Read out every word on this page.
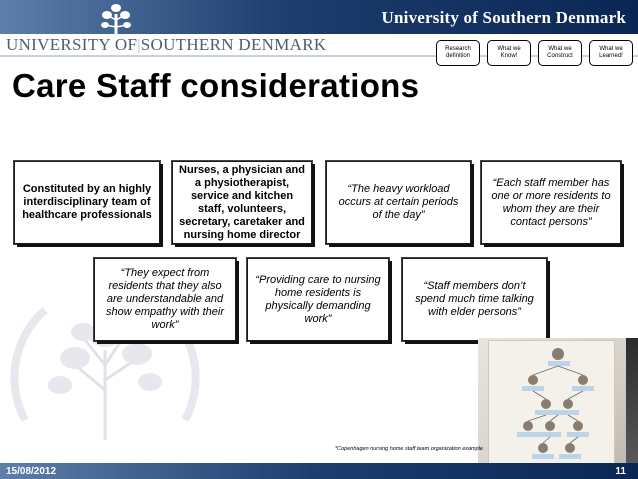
University of Southern Denmark
UNIVERSITY OF|SOUTHERN DENMARK	Research definition
What we Know!
What we Construct
What we Learned!
Care Staff considerations
Constituted by an highly interdisciplinary team of healthcare professionals
Nurses, a physician and a physiotherapist, service and kitchen staff, volunteers, secretary, caretaker and nursing home director
“The heavy workload occurs at certain periods of the day”
“Each staff member has one or more residents to whom they are their contact persons”
“They expect from residents that they also are understandable and show empathy with their work”
“Providing care to nursing home residents is physically demanding work”
“Staff members don’t spend much time talking with elder persons”
*Copenhagen nursing home staff team organization example
15/08/2012	11
